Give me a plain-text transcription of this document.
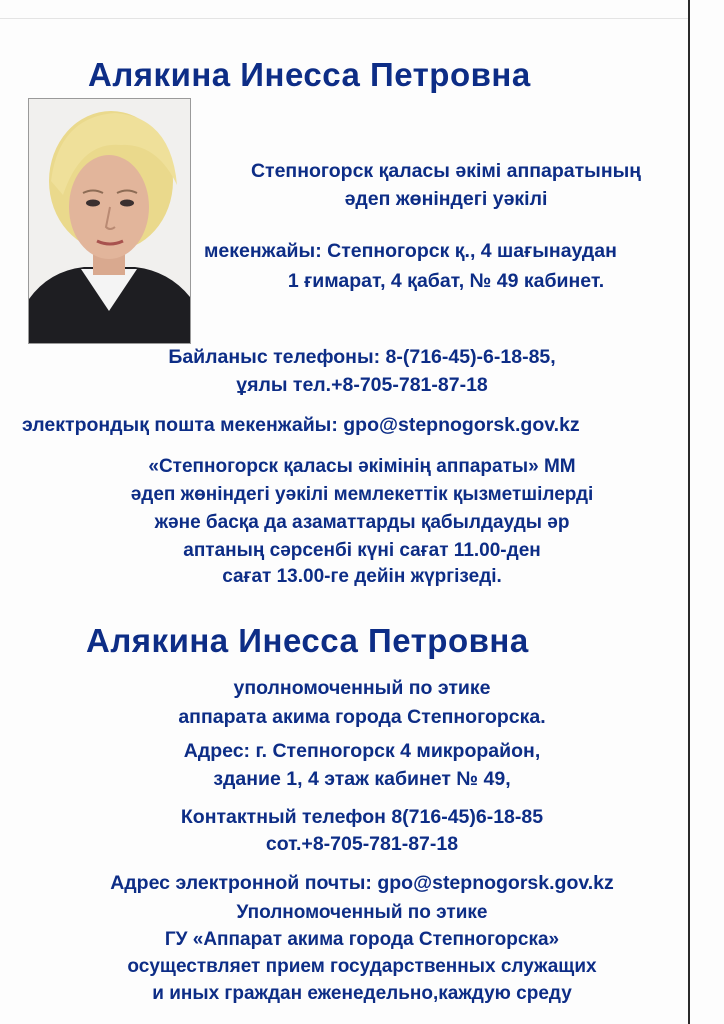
Алякина Инесса Петровна
Степногорск қаласы әкімі аппаратының
әдеп жөніндегі уәкілі
мекенжайы: Степногорск қ., 4 шағынаудан
1 ғимарат, 4 қабат, № 49 кабинет.
Байланыс телефоны: 8-(716-45)-6-18-85,
ұялы тел.+8-705-781-87-18
электрондық пошта мекенжайы: gpo@stepnogorsk.gov.kz
«Степногорск қаласы әкімінің аппараты» ММ
әдеп жөніндегі уәкілі мемлекеттік қызметшілерді
және басқа да азаматтарды қабылдауды әр
аптаның сәрсенбі күні сағат 11.00-ден
сағат 13.00-ге дейін жүргізеді.
Алякина Инесса Петровна
уполномоченный по этике
аппарата акима города Степногорска.
Адрес: г. Степногорск 4 микрорайон,
здание 1, 4 этаж кабинет № 49,
Контактный телефон 8(716-45)6-18-85
сот.+8-705-781-87-18
Адрес электронной почты: gpo@stepnogorsk.gov.kz
Уполномоченный по этике
ГУ «Аппарат акима города Степногорска»
осуществляет прием государственных служащих
и иных граждан еженедельно,каждую среду
